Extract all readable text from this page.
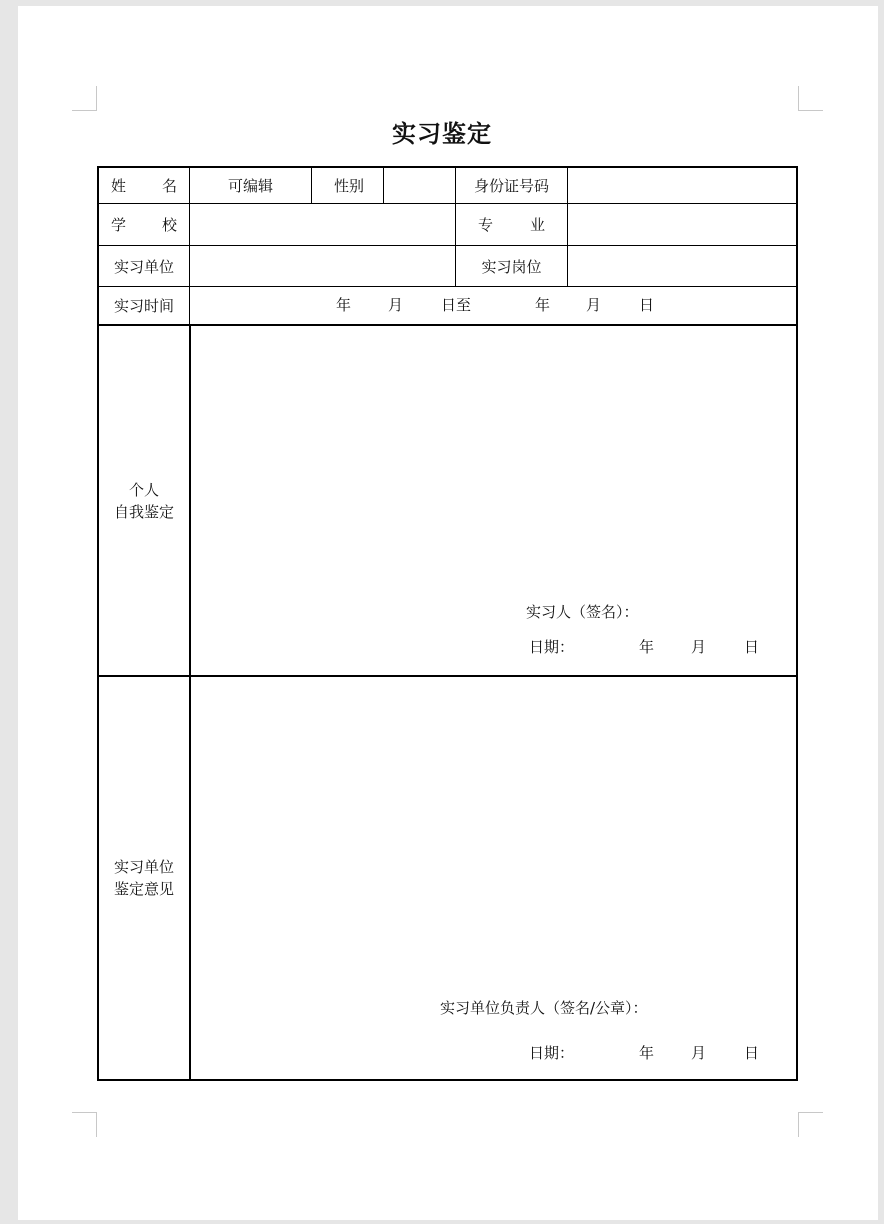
实习鉴定
姓 名	可编辑	性别	身份证号码
学 校	专 业
实习单位	实习岗位
实习时间	年 月	日至	年 月	日
个人
自我鉴定
实习人（签名）：
日期：	年 月	日
实习单位
鉴定意见
实习单位负责人（签名/公章）：
日期：	年 月	日
